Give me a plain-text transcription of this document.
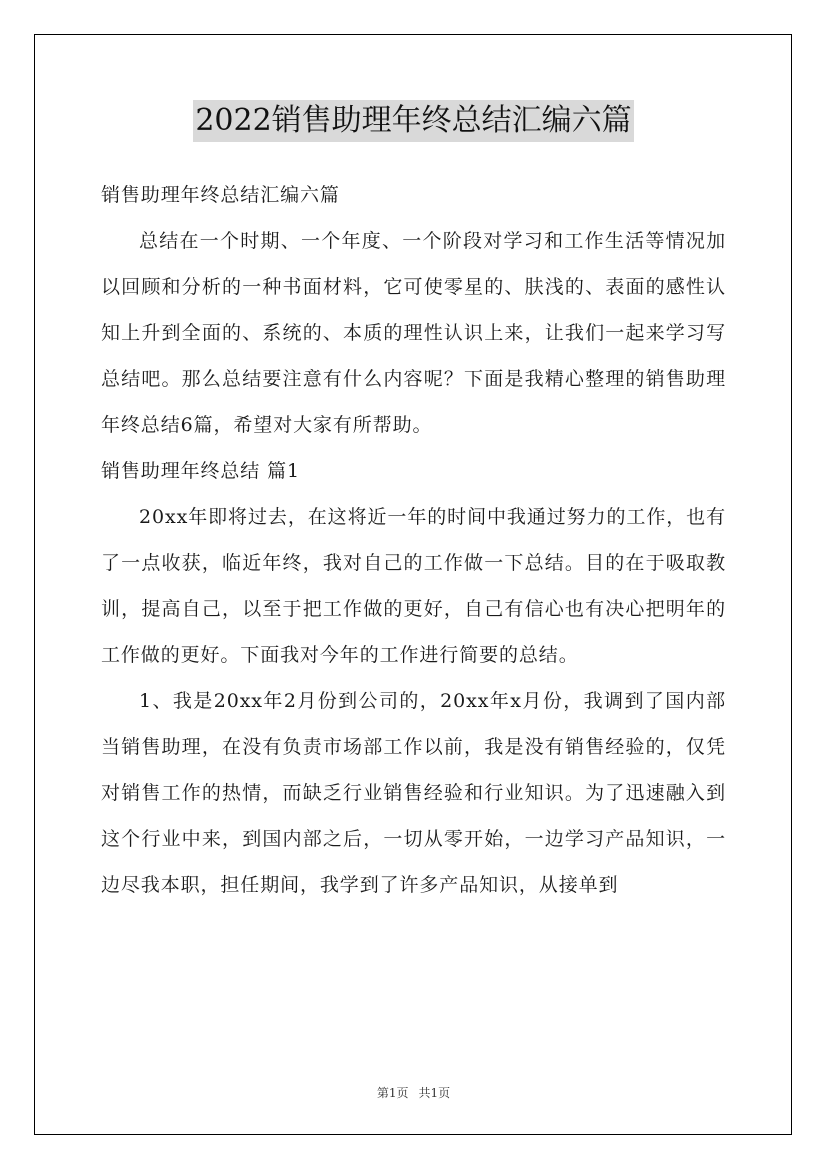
2022销售助理年终总结汇编六篇

销售助理年终总结汇编六篇

总结在一个时期、一个年度、一个阶段对学习和工作生活等情况加以回顾和分析的一种书面材料，它可使零星的、肤浅的、表面的感性认知上升到全面的、系统的、本质的理性认识上来，让我们一起来学习写总结吧。那么总结要注意有什么内容呢？下面是我精心整理的销售助理年终总结6篇，希望对大家有所帮助。

销售助理年终总结 篇1

20xx年即将过去，在这将近一年的时间中我通过努力的工作，也有了一点收获，临近年终，我对自己的工作做一下总结。目的在于吸取教训，提高自己，以至于把工作做的更好，自己有信心也有决心把明年的工作做的更好。下面我对今年的工作进行简要的总结。

1、我是20xx年2月份到公司的，20xx年x月份，我调到了国内部当销售助理，在没有负责市场部工作以前，我是没有销售经验的，仅凭对销售工作的热情，而缺乏行业销售经验和行业知识。为了迅速融入到这个行业中来，到国内部之后，一切从零开始，一边学习产品知识，一边尽我本职，担任期间，我学到了许多产品知识，从接单到

第1页 共1页
